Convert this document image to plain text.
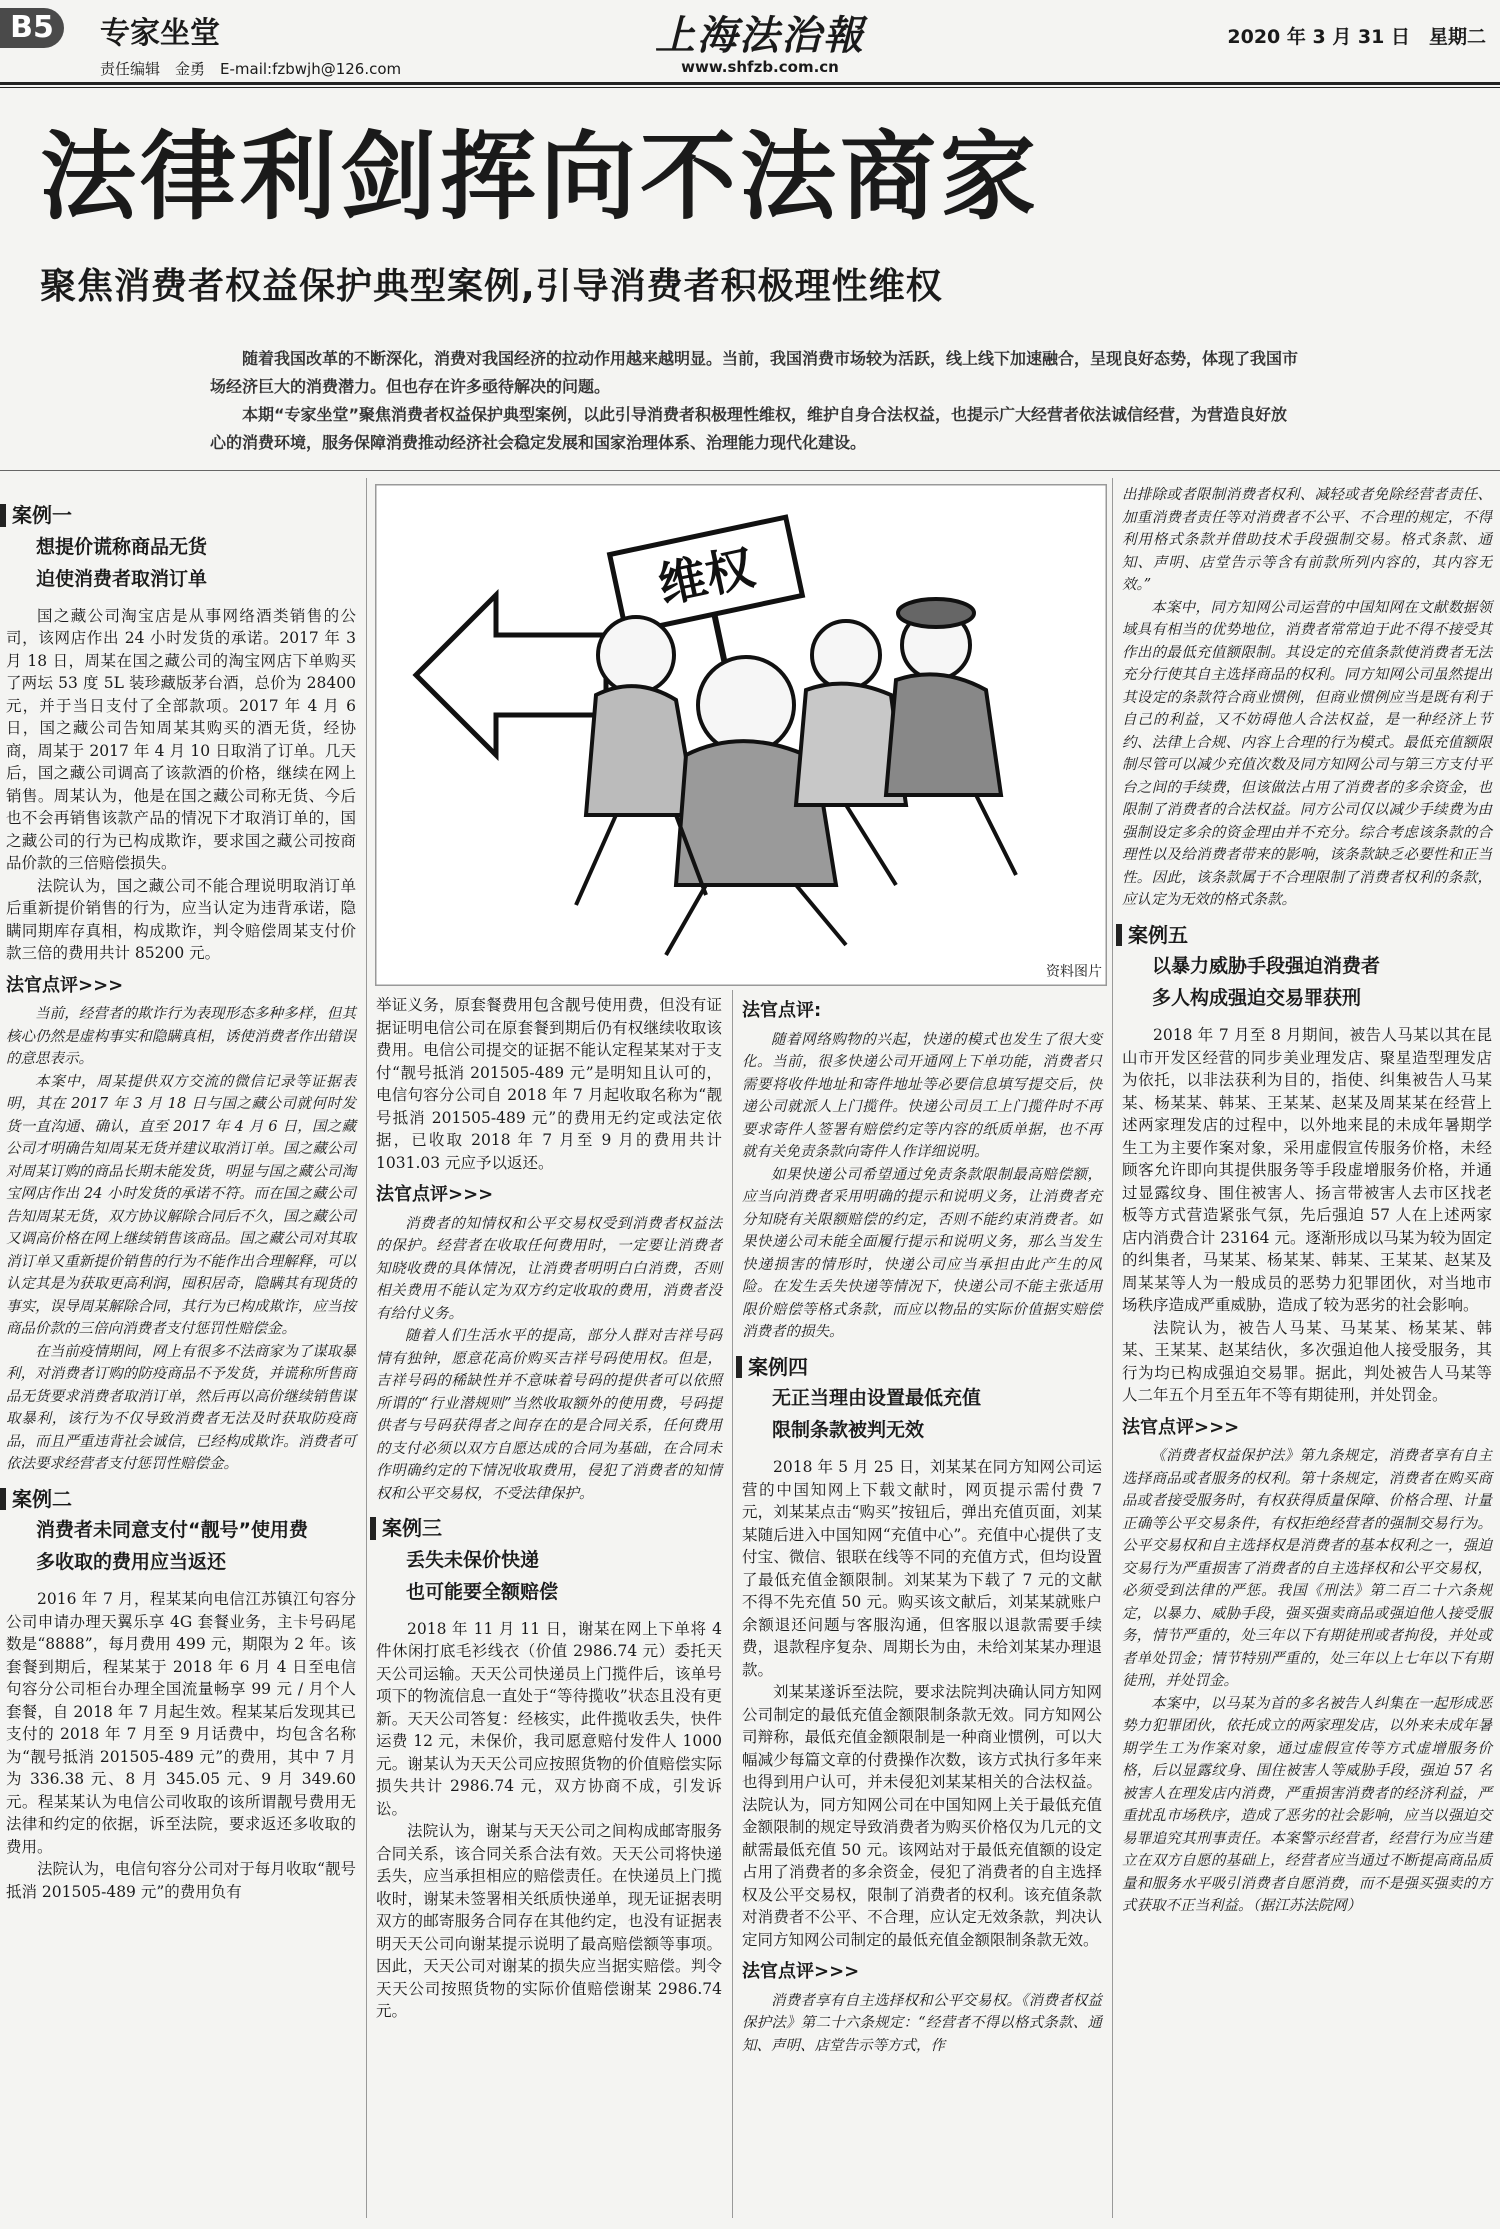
B5	专家坐堂
责任编辑　金勇　E-mail:fzbwjh@126.com
上海法治報
www.shfzb.com.cn
2020 年 3 月 31 日　星期二
法律利剑挥向不法商家
聚焦消费者权益保护典型案例,引导消费者积极理性维权

随着我国改革的不断深化，消费对我国经济的拉动作用越来越明显。当前，我国消费市场较为活跃，线上线下加速融合，呈现良好态势，体现了我国市场经济巨大的消费潜力。但也存在许多亟待解决的问题。

本期“专家坐堂”聚焦消费者权益保护典型案例，以此引导消费者积极理性维权，维护自身合法权益，也提示广大经营者依法诚信经营，为营造良好放心的消费环境，服务保障消费推动经济社会稳定发展和国家治理体系、治理能力现代化建设。

维权
资料图片
案例一
想提价谎称商品无货
迫使消费者取消订单

国之藏公司淘宝店是从事网络酒类销售的公司，该网店作出 24 小时发货的承诺。2017 年 3 月 18 日，周某在国之藏公司的淘宝网店下单购买了两坛 53 度 5L 装珍藏版茅台酒，总价为 28400元，并于当日支付了全部款项。2017 年 4 月 6 日，国之藏公司告知周某其购买的酒无货，经协商，周某于 2017 年 4 月 10 日取消了订单。几天后，国之藏公司调高了该款酒的价格，继续在网上销售。周某认为，他是在国之藏公司称无货、今后也不会再销售该款产品的情况下才取消订单的，国之藏公司的行为已构成欺诈，要求国之藏公司按商品价款的三倍赔偿损失。

法院认为，国之藏公司不能合理说明取消订单后重新提价销售的行为，应当认定为违背承诺，隐瞒同期库存真相，构成欺诈，判令赔偿周某支付价款三倍的费用共计 85200 元。

法官点评>>>

当前，经营者的欺诈行为表现形态多种多样，但其核心仍然是虚构事实和隐瞒真相，诱使消费者作出错误的意思表示。

本案中，周某提供双方交流的微信记录等证据表明，其在 2017 年 3 月 18 日与国之藏公司就何时发货一直沟通、确认，直至 2017 年 4 月 6 日，国之藏公司才明确告知周某无货并建议取消订单。国之藏公司对周某订购的商品长期未能发货，明显与国之藏公司淘宝网店作出 24 小时发货的承诺不符。而在国之藏公司告知周某无货，双方协议解除合同后不久，国之藏公司又调高价格在网上继续销售该商品。国之藏公司对其取消订单又重新提价销售的行为不能作出合理解释，可以认定其是为获取更高利润，囤积居奇，隐瞒其有现货的事实，误导周某解除合同，其行为已构成欺诈，应当按商品价款的三倍向消费者支付惩罚性赔偿金。

在当前疫情期间，网上有很多不法商家为了谋取暴利，对消费者订购的防疫商品不予发货，并谎称所售商品无货要求消费者取消订单，然后再以高价继续销售谋取暴利，该行为不仅导致消费者无法及时获取防疫商品，而且严重违背社会诚信，已经构成欺诈。消费者可依法要求经营者支付惩罚性赔偿金。

案例二
消费者未同意支付“靓号”使用费
多收取的费用应当返还

2016 年 7 月，程某某向电信江苏镇江句容分公司申请办理天翼乐享 4G 套餐业务，主卡号码尾数是“8888”，每月费用 499 元，期限为 2 年。该套餐到期后，程某某于 2018 年 6 月 4 日至电信句容分公司柜台办理全国流量畅享 99 元 / 月个人套餐，自 2018 年 7 月起生效。程某某后发现其已支付的 2018 年 7 月至 9 月话费中，均包含名称为“靓号抵消 201505-489 元”的费用，其中 7 月为 336.38 元、8 月 345.05 元、9 月 349.60 元。程某某认为电信公司收取的该所谓靓号费用无法律和约定的依据，诉至法院，要求返还多收取的费用。

法院认为，电信句容分公司对于每月收取“靓号抵消 201505-489 元”的费用负有

举证义务，原套餐费用包含靓号使用费，但没有证据证明电信公司在原套餐到期后仍有权继续收取该费用。电信公司提交的证据不能认定程某某对于支付“靓号抵消 201505-489 元”是明知且认可的，电信句容分公司自 2018 年 7 月起收取名称为“靓号抵消 201505-489 元”的费用无约定或法定依据，已收取 2018 年 7 月至 9 月的费用共计 1031.03 元应予以返还。

法官点评>>>

消费者的知情权和公平交易权受到消费者权益法的保护。经营者在收取任何费用时，一定要让消费者知晓收费的具体情况，让消费者明明白白消费，否则相关费用不能认定为双方约定收取的费用，消费者没有给付义务。

随着人们生活水平的提高，部分人群对吉祥号码情有独钟，愿意花高价购买吉祥号码使用权。但是，吉祥号码的稀缺性并不意味着号码的提供者可以依照所谓的“行业潜规则”当然收取额外的使用费，号码提供者与号码获得者之间存在的是合同关系，任何费用的支付必须以双方自愿达成的合同为基础，在合同未作明确约定的下情况收取费用，侵犯了消费者的知情权和公平交易权，不受法律保护。

案例三
丢失未保价快递
也可能要全额赔偿

2018 年 11 月 11 日，谢某在网上下单将 4 件休闲打底毛衫线衣（价值 2986.74 元）委托天天公司运输。天天公司快递员上门揽件后，该单号项下的物流信息一直处于“等待揽收”状态且没有更新。天天公司答复：经核实，此件揽收丢失，快件运费 12 元，未保价，我司愿意赔付发件人 1000 元。谢某认为天天公司应按照货物的价值赔偿实际损失共计 2986.74 元，双方协商不成，引发诉讼。

法院认为，谢某与天天公司之间构成邮寄服务合同关系，该合同关系合法有效。天天公司将快递丢失，应当承担相应的赔偿责任。在快递员上门揽收时，谢某未签署相关纸质快递单，现无证据表明双方的邮寄服务合同存在其他约定，也没有证据表明天天公司向谢某提示说明了最高赔偿额等事项。因此，天天公司对谢某的损失应当据实赔偿。判令天天公司按照货物的实际价值赔偿谢某 2986.74 元。

法官点评:

随着网络购物的兴起，快递的模式也发生了很大变化。当前，很多快递公司开通网上下单功能，消费者只需要将收件地址和寄件地址等必要信息填写提交后，快递公司就派人上门揽件。快递公司员工上门揽件时不再要求寄件人签署有赔偿约定等内容的纸质单据，也不再就有关免责条款向寄件人作详细说明。

如果快递公司希望通过免责条款限制最高赔偿额，应当向消费者采用明确的提示和说明义务，让消费者充分知晓有关限额赔偿的约定，否则不能约束消费者。如果快递公司未能全面履行提示和说明义务，那么当发生快递损害的情形时，快递公司应当承担由此产生的风险。在发生丢失快递等情况下，快递公司不能主张适用限价赔偿等格式条款，而应以物品的实际价值据实赔偿消费者的损失。

案例四
无正当理由设置最低充值
限制条款被判无效

2018 年 5 月 25 日，刘某某在同方知网公司运营的中国知网上下载文献时，网页提示需付费 7 元，刘某某点击“购买”按钮后，弹出充值页面，刘某某随后进入中国知网“充值中心”。充值中心提供了支付宝、微信、银联在线等不同的充值方式，但均设置了最低充值金额限制。刘某某为下载了 7 元的文献不得不先充值 50 元。购买该文献后，刘某某就账户余额退还问题与客服沟通，但客服以退款需要手续费，退款程序复杂、周期长为由，未给刘某某办理退款。

刘某某遂诉至法院，要求法院判决确认同方知网公司制定的最低充值金额限制条款无效。同方知网公司辩称，最低充值金额限制是一种商业惯例，可以大幅减少每篇文章的付费操作次数，该方式执行多年来也得到用户认可，并未侵犯刘某某相关的合法权益。法院认为，同方知网公司在中国知网上关于最低充值金额限制的规定导致消费者为购买价格仅为几元的文献需最低充值 50 元。该网站对于最低充值额的设定占用了消费者的多余资金，侵犯了消费者的自主选择权及公平交易权，限制了消费者的权利。该充值条款对消费者不公平、不合理，应认定无效条款，判决认定同方知网公司制定的最低充值金额限制条款无效。

法官点评>>>

消费者享有自主选择权和公平交易权。《消费者权益保护法》第二十六条规定：“经营者不得以格式条款、通知、声明、店堂告示等方式，作

出排除或者限制消费者权利、减轻或者免除经营者责任、加重消费者责任等对消费者不公平、不合理的规定，不得利用格式条款并借助技术手段强制交易。格式条款、通知、声明、店堂告示等含有前款所列内容的，其内容无效。”

本案中，同方知网公司运营的中国知网在文献数据领域具有相当的优势地位，消费者常常迫于此不得不接受其作出的最低充值额限制。其设定的充值条款使消费者无法充分行使其自主选择商品的权利。同方知网公司虽然提出其设定的条款符合商业惯例，但商业惯例应当是既有利于自己的利益，又不妨碍他人合法权益，是一种经济上节约、法律上合规、内容上合理的行为模式。最低充值额限制尽管可以减少充值次数及同方知网公司与第三方支付平台之间的手续费，但该做法占用了消费者的多余资金，也限制了消费者的合法权益。同方公司仅以减少手续费为由强制设定多余的资金理由并不充分。综合考虑该条款的合理性以及给消费者带来的影响，该条款缺乏必要性和正当性。因此，该条款属于不合理限制了消费者权利的条款，应认定为无效的格式条款。

案例五
以暴力威胁手段强迫消费者
多人构成强迫交易罪获刑

2018 年 7 月至 8 月期间，被告人马某以其在昆山市开发区经营的同步美业理发店、聚星造型理发店为依托，以非法获利为目的，指使、纠集被告人马某某、杨某某、韩某、王某某、赵某及周某某在经营上述两家理发店的过程中，以外地来昆的未成年暑期学生工为主要作案对象，采用虚假宣传服务价格，未经顾客允许即向其提供服务等手段虚增服务价格，并通过显露纹身、围住被害人、扬言带被害人去市区找老板等方式营造紧张气氛，先后强迫 57 人在上述两家店内消费合计 23164 元。逐渐形成以马某为较为固定的纠集者，马某某、杨某某、韩某、王某某、赵某及周某某等人为一般成员的恶势力犯罪团伙，对当地市场秩序造成严重威胁，造成了较为恶劣的社会影响。

法院认为，被告人马某、马某某、杨某某、韩某、王某某、赵某结伙，多次强迫他人接受服务，其行为均已构成强迫交易罪。据此，判处被告人马某等人二年五个月至五年不等有期徒刑，并处罚金。

法官点评>>>

《消费者权益保护法》第九条规定，消费者享有自主选择商品或者服务的权利。第十条规定，消费者在购买商品或者接受服务时，有权获得质量保障、价格合理、计量正确等公平交易条件，有权拒绝经营者的强制交易行为。公平交易权和自主选择权是消费者的基本权利之一，强迫交易行为严重损害了消费者的自主选择权和公平交易权，必须受到法律的严惩。我国《刑法》第二百二十六条规定，以暴力、威胁手段，强买强卖商品或强迫他人接受服务，情节严重的，处三年以下有期徒刑或者拘役，并处或者单处罚金；情节特别严重的，处三年以上七年以下有期徒刑，并处罚金。

本案中，以马某为首的多名被告人纠集在一起形成恶势力犯罪团伙，依托成立的两家理发店，以外来未成年暑期学生工为作案对象，通过虚假宣传等方式虚增服务价格，后以显露纹身、围住被害人等威胁手段，强迫 57 名被害人在理发店内消费，严重损害消费者的经济利益，严重扰乱市场秩序，造成了恶劣的社会影响，应当以强迫交易罪追究其刑事责任。本案警示经营者，经营行为应当建立在双方自愿的基础上，经营者应当通过不断提高商品质量和服务水平吸引消费者自愿消费，而不是强买强卖的方式获取不正当利益。（据江苏法院网）
